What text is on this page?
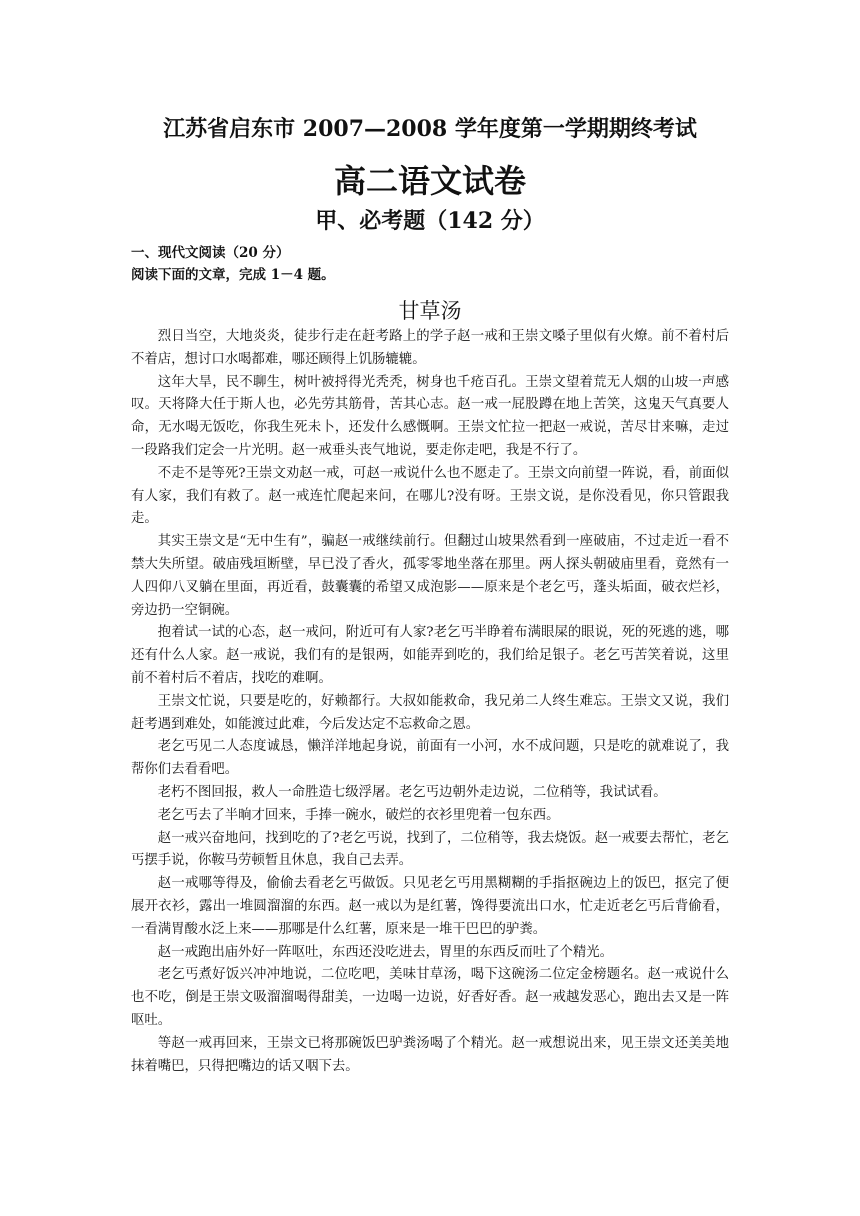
江苏省启东市 2007—2008 学年度第一学期期终考试
高二语文试卷
甲、必考题（142 分）
一、现代文阅读（20 分）
阅读下面的文章，完成 1－4 题。
甘草汤

烈日当空，大地炎炎，徒步行走在赶考路上的学子赵一戒和王崇文嗓子里似有火燎。前不着村后不着店，想讨口水喝都难，哪还顾得上饥肠辘辘。

这年大旱，民不聊生，树叶被捋得光秃秃，树身也千疮百孔。王崇文望着荒无人烟的山坡一声感叹。天将降大任于斯人也，必先劳其筋骨，苦其心志。赵一戒一屁股蹲在地上苦笑，这鬼天气真要人命，无水喝无饭吃，你我生死未卜，还发什么感慨啊。王崇文忙拉一把赵一戒说，苦尽甘来嘛，走过一段路我们定会一片光明。赵一戒垂头丧气地说，要走你走吧，我是不行了。

不走不是等死?王崇文劝赵一戒，可赵一戒说什么也不愿走了。王崇文向前望一阵说，看，前面似有人家，我们有救了。赵一戒连忙爬起来问，在哪儿?没有呀。王崇文说，是你没看见，你只管跟我走。

其实王崇文是“无中生有”，骗赵一戒继续前行。但翻过山坡果然看到一座破庙，不过走近一看不禁大失所望。破庙残垣断壁，早已没了香火，孤零零地坐落在那里。两人探头朝破庙里看，竟然有一人四仰八叉躺在里面，再近看，鼓囊囊的希望又成泡影——原来是个老乞丐，蓬头垢面，破衣烂衫，旁边扔一空铜碗。

抱着试一试的心态，赵一戒问，附近可有人家?老乞丐半睁着布满眼屎的眼说，死的死逃的逃，哪还有什么人家。赵一戒说，我们有的是银两，如能弄到吃的，我们给足银子。老乞丐苦笑着说，这里前不着村后不着店，找吃的难啊。

王崇文忙说，只要是吃的，好赖都行。大叔如能救命，我兄弟二人终生难忘。王崇文又说，我们赶考遇到难处，如能渡过此难，今后发达定不忘救命之恩。

老乞丐见二人态度诚恳，懒洋洋地起身说，前面有一小河，水不成问题，只是吃的就难说了，我帮你们去看看吧。

老朽不图回报，救人一命胜造七级浮屠。老乞丐边朝外走边说，二位稍等，我试试看。

老乞丐去了半晌才回来，手捧一碗水，破烂的衣衫里兜着一包东西。

赵一戒兴奋地问，找到吃的了?老乞丐说，找到了，二位稍等，我去烧饭。赵一戒要去帮忙，老乞丐摆手说，你鞍马劳顿暂且休息，我自己去弄。

赵一戒哪等得及，偷偷去看老乞丐做饭。只见老乞丐用黑糊糊的手指抠碗边上的饭巴，抠完了便展开衣衫，露出一堆圆溜溜的东西。赵一戒以为是红薯，馋得要流出口水，忙走近老乞丐后背偷看，一看满胃酸水泛上来——那哪是什么红薯，原来是一堆干巴巴的驴粪。

赵一戒跑出庙外好一阵呕吐，东西还没吃进去，胃里的东西反而吐了个精光。

老乞丐煮好饭兴冲冲地说，二位吃吧，美味甘草汤，喝下这碗汤二位定金榜题名。赵一戒说什么也不吃，倒是王崇文吸溜溜喝得甜美，一边喝一边说，好香好香。赵一戒越发恶心，跑出去又是一阵呕吐。

等赵一戒再回来，王崇文已将那碗饭巴驴粪汤喝了个精光。赵一戒想说出来，见王崇文还美美地抹着嘴巴，只得把嘴边的话又咽下去。
